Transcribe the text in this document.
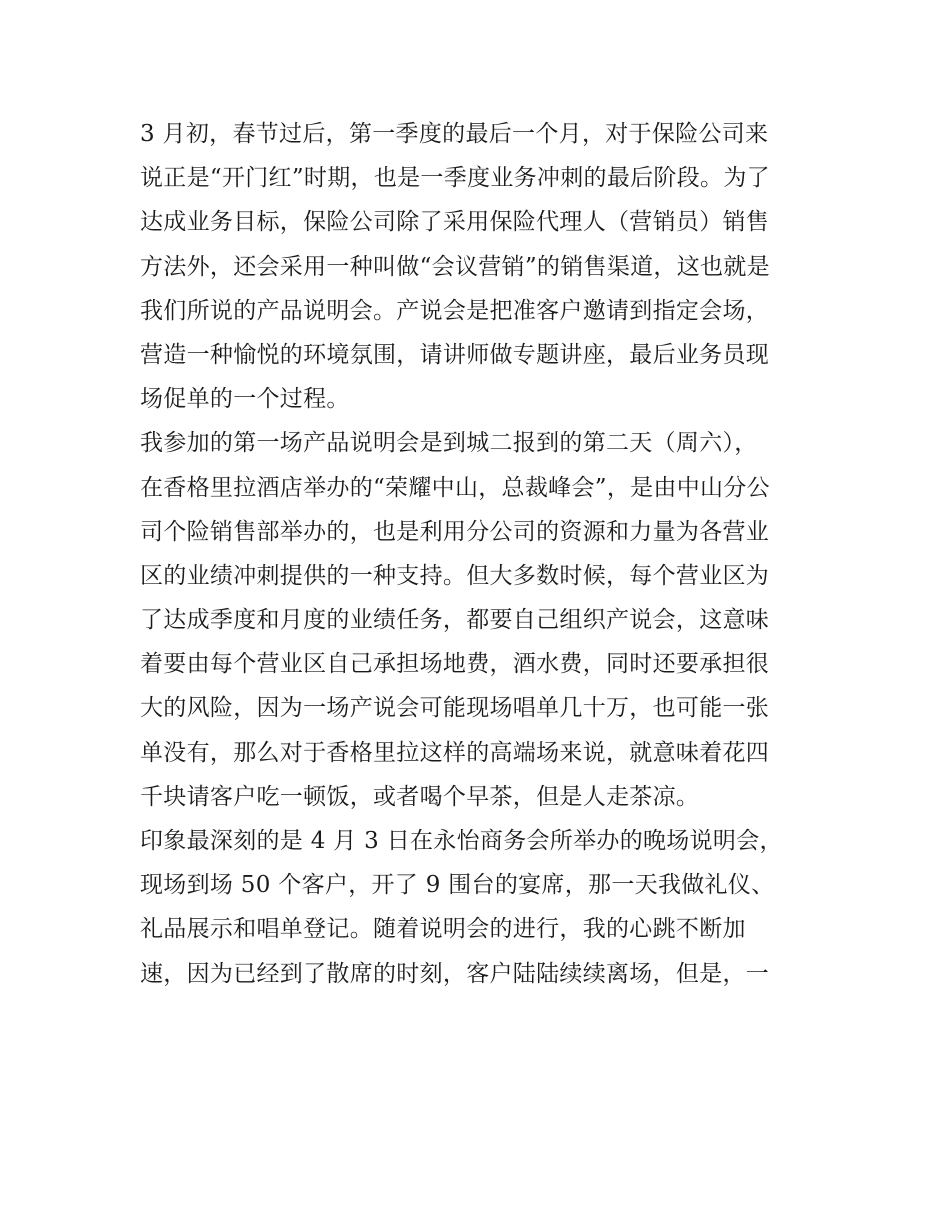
3 月初，春节过后，第一季度的最后一个月，对于保险公司来
说正是“开门红”时期，也是一季度业务冲刺的最后阶段。为了
达成业务目标，保险公司除了采用保险代理人（营销员）销售
方法外，还会采用一种叫做“会议营销”的销售渠道，这也就是
我们所说的产品说明会。产说会是把准客户邀请到指定会场，
营造一种愉悦的环境氛围，请讲师做专题讲座，最后业务员现
场促单的一个过程。
我参加的第一场产品说明会是到城二报到的第二天（周六），
在香格里拉酒店举办的“荣耀中山，总裁峰会”，是由中山分公
司个险销售部举办的，也是利用分公司的资源和力量为各营业
区的业绩冲刺提供的一种支持。但大多数时候，每个营业区为
了达成季度和月度的业绩任务，都要自己组织产说会，这意味
着要由每个营业区自己承担场地费，酒水费，同时还要承担很
大的风险，因为一场产说会可能现场唱单几十万，也可能一张
单没有，那么对于香格里拉这样的高端场来说，就意味着花四
千块请客户吃一顿饭，或者喝个早茶，但是人走茶凉。
印象最深刻的是 4 月 3 日在永怡商务会所举办的晚场说明会，
现场到场 50 个客户，开了 9 围台的宴席，那一天我做礼仪、
礼品展示和唱单登记。随着说明会的进行，我的心跳不断加
速，因为已经到了散席的时刻，客户陆陆续续离场，但是，一
